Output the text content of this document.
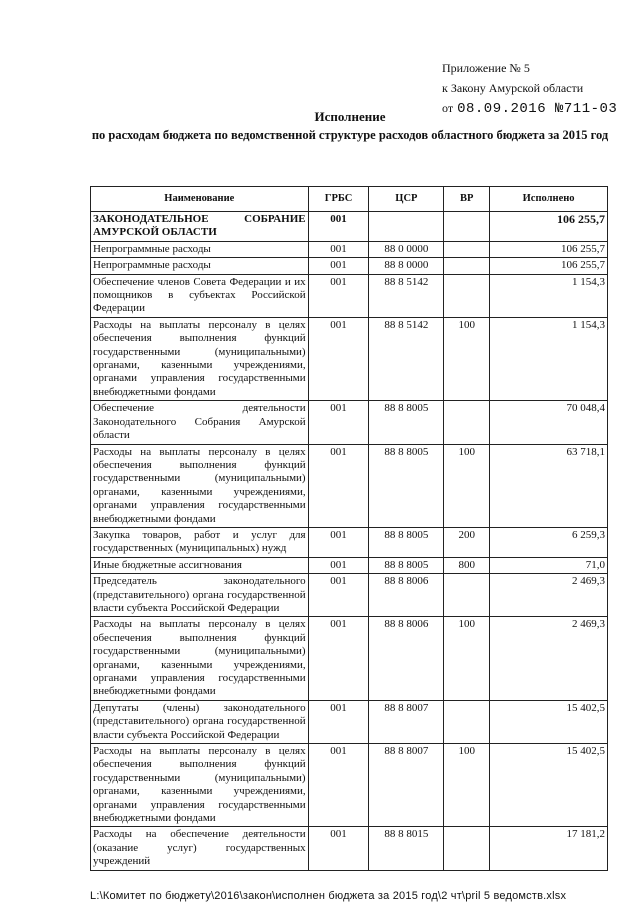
Приложение № 5
к Закону Амурской области
от 08.09.2016 №711-03
Исполнение
по расходам бюджета по ведомственной структуре расходов областного бюджета за 2015 год
Наименование	ГРБС	ЦСР	ВР	Исполнено
ЗАКОНОДАТЕЛЬНОЕ СОБРАНИЕ АМУРСКОЙ ОБЛАСТИ	001			106 255,7
Непрограммные расходы	001	88 0 0000		106 255,7
Непрограммные расходы	001	88 8 0000		106 255,7
Обеспечение членов Совета Федерации и их помощников в субъектах Российской Федерации	001	88 8 5142		1 154,3
Расходы на выплаты персоналу в целях обеспечения выполнения функций государственными (муниципальными) органами, казенными учреждениями, органами управления государственными внебюджетными фондами	001	88 8 5142	100	1 154,3
Обеспечение деятельности Законодательного Собрания Амурской области	001	88 8 8005		70 048,4
Расходы на выплаты персоналу в целях обеспечения выполнения функций государственными (муниципальными) органами, казенными учреждениями, органами управления государственными внебюджетными фондами	001	88 8 8005	100	63 718,1
Закупка товаров, работ и услуг для государственных (муниципальных) нужд	001	88 8 8005	200	6 259,3
Иные бюджетные ассигнования	001	88 8 8005	800	71,0
Председатель законодательного (представительного) органа государственной власти субъекта Российской Федерации	001	88 8 8006		2 469,3
Расходы на выплаты персоналу в целях обеспечения выполнения функций государственными (муниципальными) органами, казенными учреждениями, органами управления государственными внебюджетными фондами	001	88 8 8006	100	2 469,3
Депутаты (члены) законодательного (представительного) органа государственной власти субъекта Российской Федерации	001	88 8 8007		15 402,5
Расходы на выплаты персоналу в целях обеспечения выполнения функций государственными (муниципальными) органами, казенными учреждениями, органами управления государственными внебюджетными фондами	001	88 8 8007	100	15 402,5
Расходы на обеспечение деятельности (оказание услуг) государственных учреждений	001	88 8 8015		17 181,2
L:\Комитет по бюджету\2016\закон\исполнен бюджета за 2015 год\2 чт\pril 5 ведомств.xlsx
